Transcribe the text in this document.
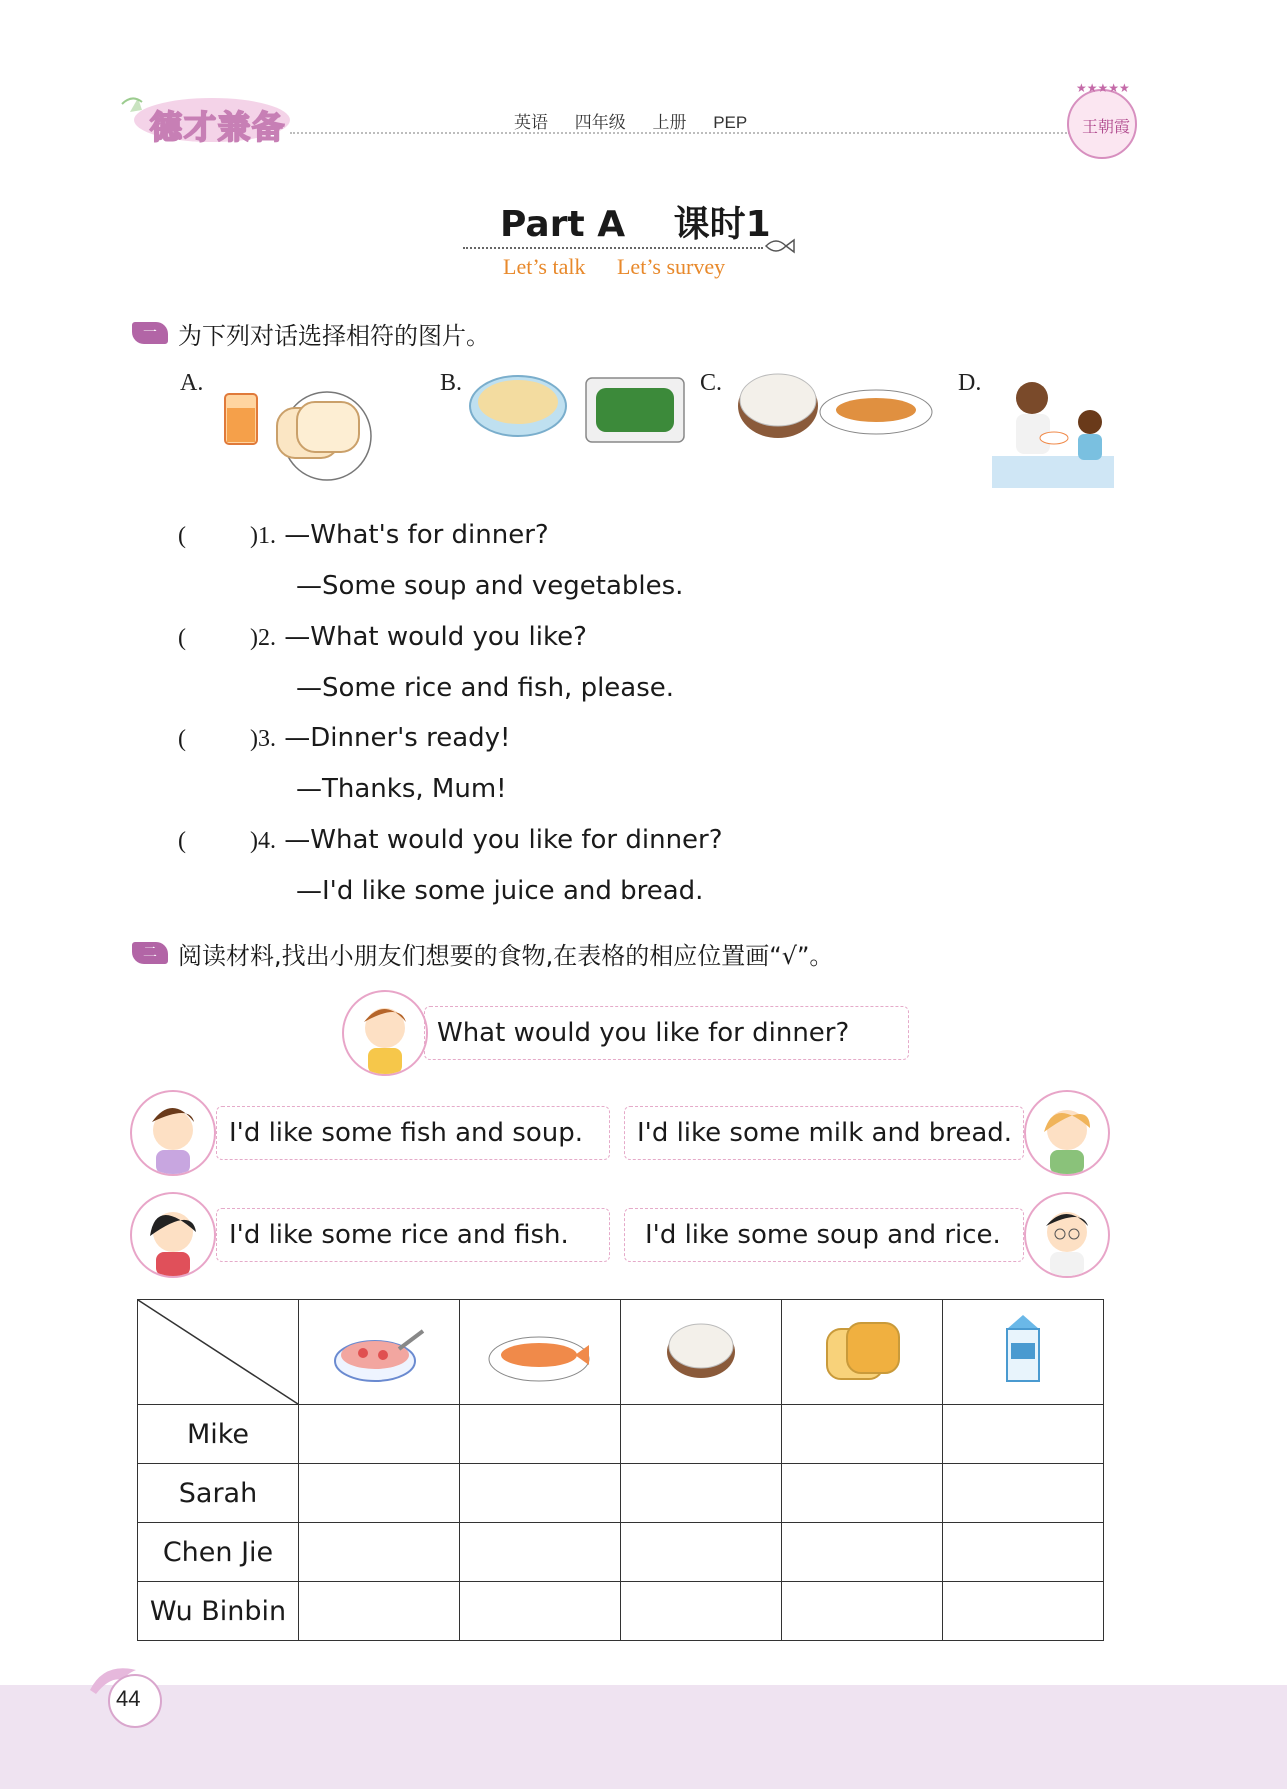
德才兼备	英语 四年级 上册 PEP
★★★★★
王朝霞
Part A 课时1
Let’s talk Let’s survey
一 为下列对话选择相符的图片。
A.	B.	C.	D.
(	)1. —What's for dinner?
—Some soup and vegetables.
(	)2. —What would you like?
—Some rice and fish, please.
(	)3. —Dinner's ready!
—Thanks, Mum!
(	)4. —What would you like for dinner?
—I'd like some juice and bread.
二 阅读材料,找出小朋友们想要的食物,在表格的相应位置画“√”。
What would you like for dinner?
I'd like some fish and soup.	I'd like some milk and bread.
I'd like some rice and fish.	I'd like some soup and rice.

Mike					
Sarah					
Chen Jie					
Wu Binbin					
44
